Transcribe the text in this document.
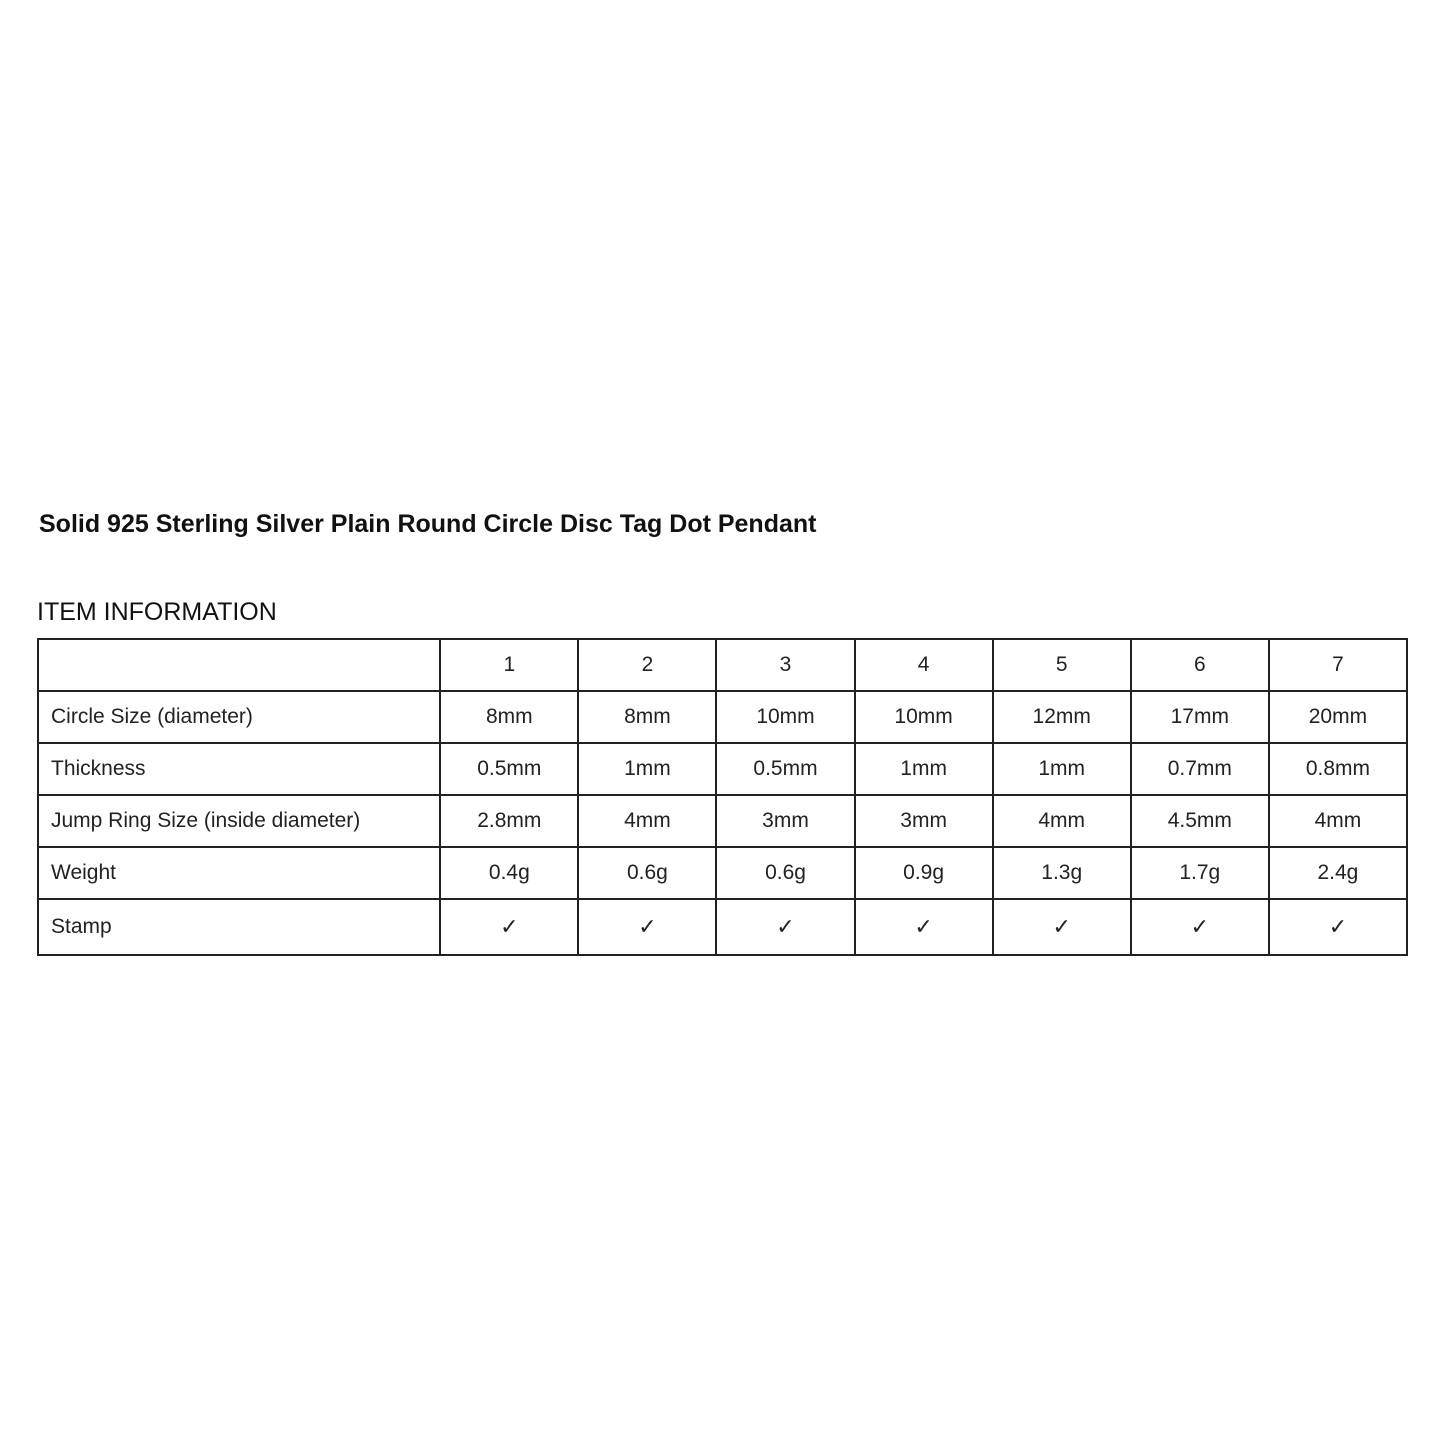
Solid 925 Sterling Silver Plain Round Circle Disc Tag Dot Pendant
ITEM INFORMATION
	1	2	3	4	5	6	7
Circle Size (diameter)	8mm	8mm	10mm	10mm	12mm	17mm	20mm
Thickness	0.5mm	1mm	0.5mm	1mm	1mm	0.7mm	0.8mm
Jump Ring Size (inside diameter)	2.8mm	4mm	3mm	3mm	4mm	4.5mm	4mm
Weight	0.4g	0.6g	0.6g	0.9g	1.3g	1.7g	2.4g
Stamp	✓	✓	✓	✓	✓	✓	✓
